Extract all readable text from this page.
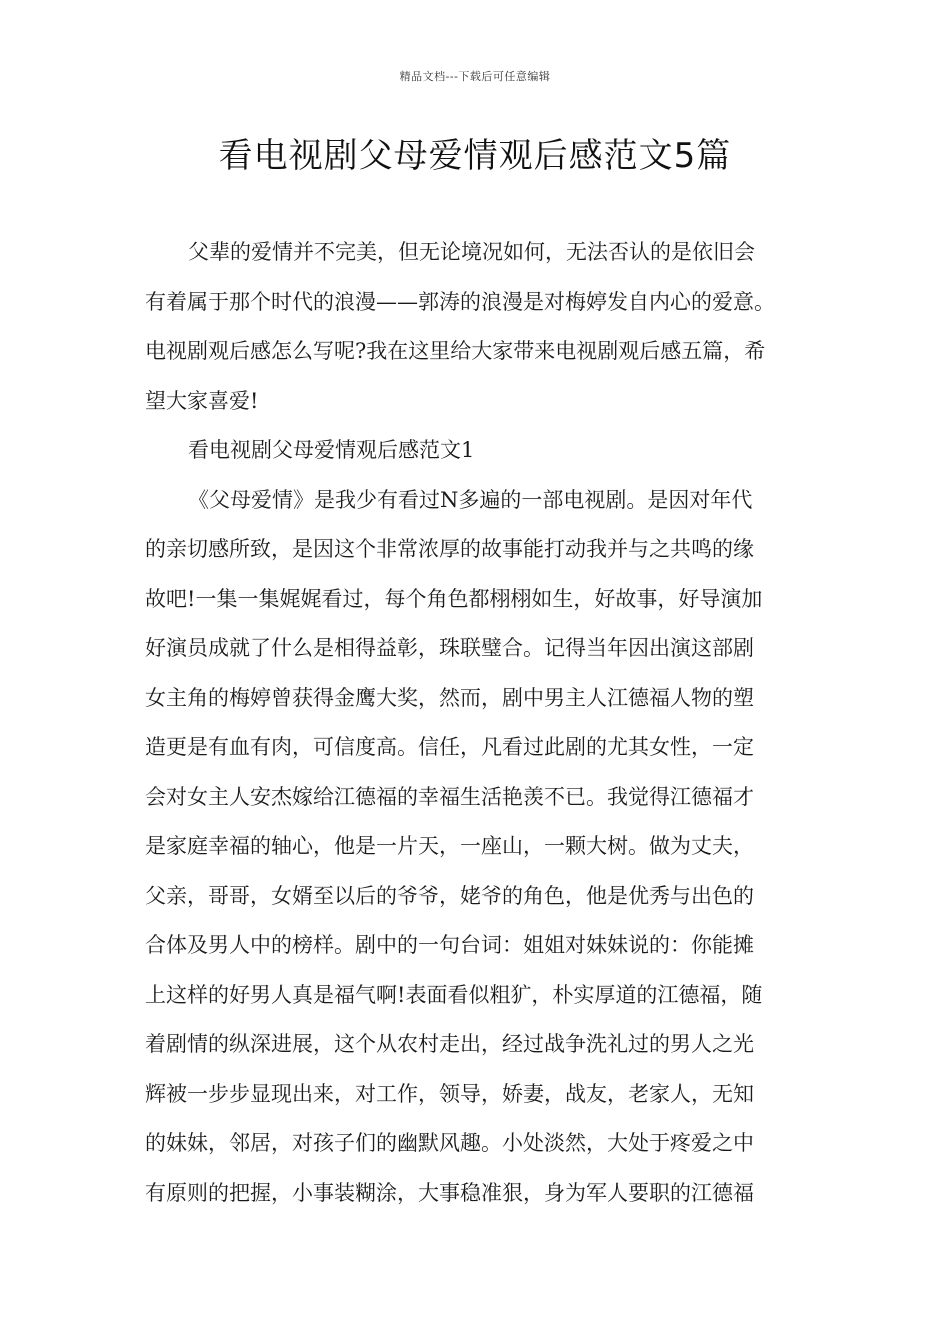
精品文档---下载后可任意编辑
看电视剧父母爱情观后感范文5篇
父辈的爱情并不完美，但无论境况如何，无法否认的是依旧会
有着属于那个时代的浪漫——郭涛的浪漫是对梅婷发自内心的爱意。
电视剧观后感怎么写呢?我在这里给大家带来电视剧观后感五篇，希
望大家喜爱!
看电视剧父母爱情观后感范文1
《父母爱情》是我少有看过N多遍的一部电视剧。是因对年代
的亲切感所致，是因这个非常浓厚的故事能打动我并与之共鸣的缘
故吧!一集一集娓娓看过，每个角色都栩栩如生，好故事，好导演加
好演员成就了什么是相得益彰，珠联璧合。记得当年因出演这部剧
女主角的梅婷曾获得金鹰大奖，然而，剧中男主人江德福人物的塑
造更是有血有肉，可信度高。信任，凡看过此剧的尤其女性，一定
会对女主人安杰嫁给江德福的幸福生活艳羡不已。我觉得江德福才
是家庭幸福的轴心，他是一片天，一座山，一颗大树。做为丈夫，
父亲，哥哥，女婿至以后的爷爷，姥爷的角色，他是优秀与出色的
合体及男人中的榜样。剧中的一句台词：姐姐对妹妹说的：你能摊
上这样的好男人真是福气啊!表面看似粗犷，朴实厚道的江德福，随
着剧情的纵深进展，这个从农村走出，经过战争洗礼过的男人之光
辉被一步步显现出来，对工作，领导，娇妻，战友，老家人，无知
的妹妹，邻居，对孩子们的幽默风趣。小处淡然，大处于疼爱之中
有原则的把握，小事装糊涂，大事稳准狠，身为军人要职的江德福
